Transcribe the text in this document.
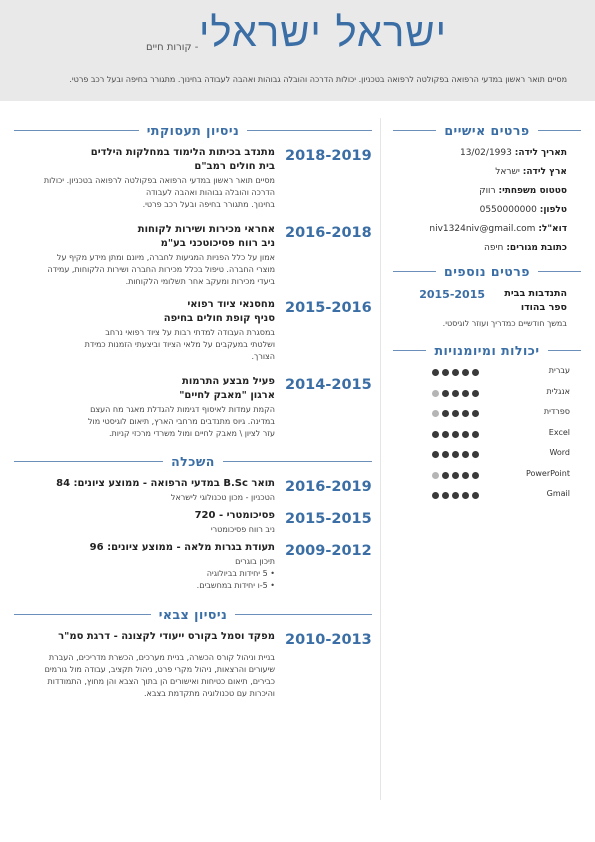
ישראל ישראלי
- קורות חיים
מסיים תואר ראשון במדעי הרפואה בפקולטה לרפואה בטכניון. יכולות הדרכה והובלה גבוהות ואהבה לעבודה בחינוך. מתגורר בחיפה ובעל רכב פרטי.
ניסיון תעסוקתי
השכלה
ניסיון צבאי
פרטים אישיים
פרטים נוספים
יכולות ומיומנויות
2018-2019
מתנדב בכיתות הלימוד במחלקות הילדים
בית חולים רמב"ם
מסיים תואר ראשון במדעי הרפואה בפקולטה לרפואה בטכניון. יכולות
הדרכה והובלה גבוהות ואהבה לעבודה
בחינוך. מתגורר בחיפה ובעל רכב פרטי.
2016-2018
אחראי מכירות ושירות לקוחות
ניב רווח פסיכוטכני בע"מ
אמון על כלל הפניות המגיעות לחברה, מיונם ומתן מידע מקיף על
מוצרי החברה. טיפול בכלל מכירות החברה ושירות הלקוחות, עמידה
ביעדי מכירות ומעקב אחר תשלומי הלקוחות.
2015-2016
מחסנאי ציוד רפואי
סניף קופת חולים בחיפה
במסגרת העבודה למדתי רבות על ציוד רפואי נרחב
ושלטתי במעקבים על מלאי הציוד וביצעתי הזמנות כמידת
הצורך.
2014-2015
פעיל מבצע התרמות
ארגון "מאבק לחיים"
הקמת עמדות לאיסוף דגימות להגדלת מאגר מח העצם
במדינה. גיוס מתנדבים מרחבי הארץ, תיאום לוגיסטי מול
עזר לציון \ מאבק לחיים ומול משרדי מרכזי קניות.
2016-2019
תואר B.Sc במדעי הרפואה - ממוצע ציונים: 84
הטכניון - מכון טכנולוגי לישראל
2015-2015
פסיכומטרי - 720
ניב רווח פסיכומטרי
2009-2012
תעודת בגרות מלאה - ממוצע ציונים: 96
תיכון בוגרים
• 5 יחידות בביולוגיה
• 5-ו יחידות במחשבים.
2010-2013
מפקד וסמל בקורס ייעודי לקצונה - דרגת סמ"ר
בניית וניהול קורס הכשרה, בניית מערכים, הכשרת מדריכים, העברת
שיעורים והרצאות, ניהול מקרי פרט, ניהול תקציב, עבודה מול גורמים
כבירים, תיאום כטיחות ואישורים הן בתוך הצבא והן מחוץ, התמודדות
והיכרות עם טכנולוגיה מתקדמת בצבא.
תאריך לידה: 13/02/1993
ארץ לידה: ישראל
סטטוס משפחתי: רווק
טלפון: 0550000000
דוא"ל: niv1324niv@gmail.com
כתובת מגורים: חיפה
התנדבות בבית ספר בהודו
2015-2015
במשך חודשיים כמדריך ועוזר לוגיסטי.
עברית
אנגלית
ספרדית
Excel
Word
PowerPoint
Gmail
